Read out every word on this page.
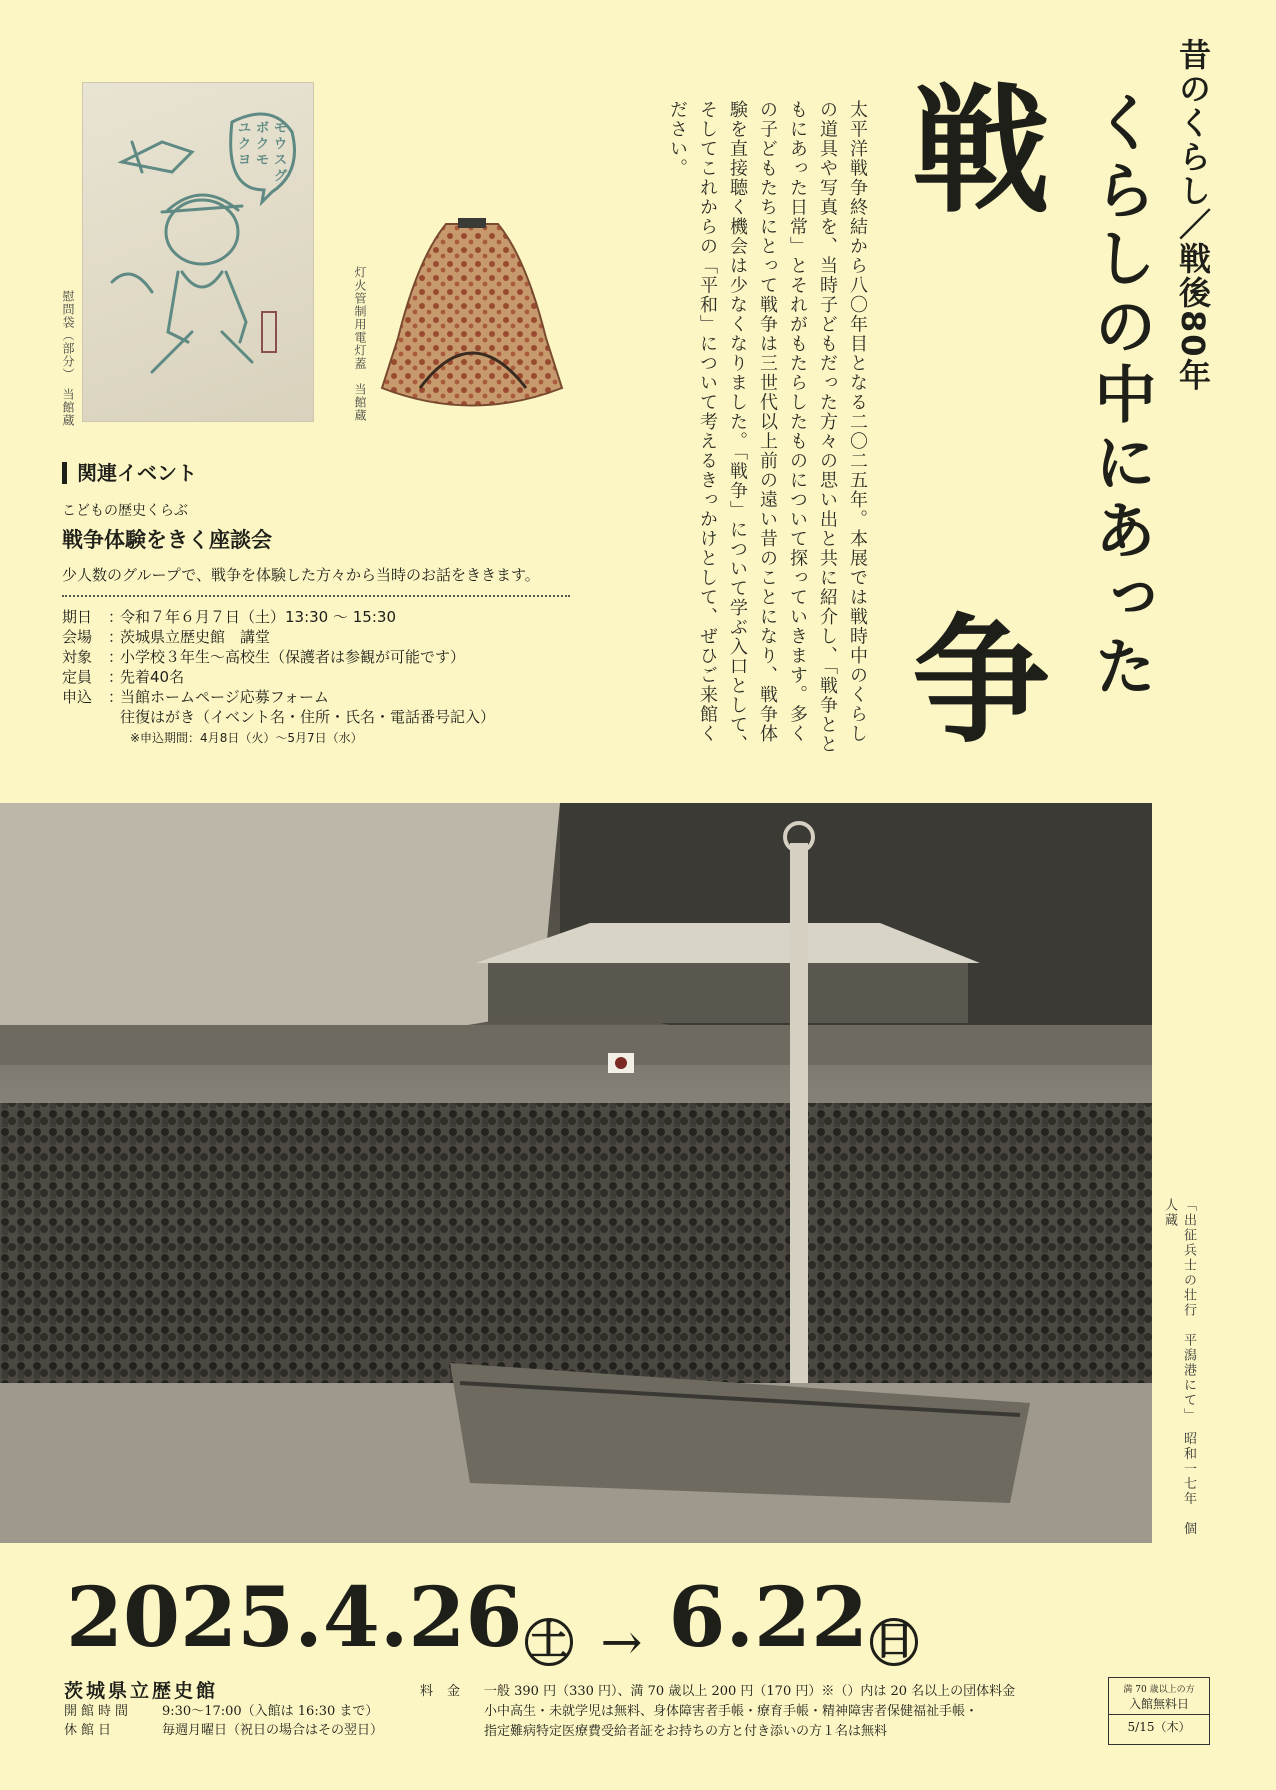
モ
ウ
ス
グ
ボ
ク
モ
ユ
ク
ヨ
慰問袋（部分）　当館蔵	灯火管制用電灯蓋　当館蔵	昔のくらし／戦後80年
くらしの中にあった
戦
争
太平洋戦争終結から八〇年目となる二〇二五年。本展では戦時中のくらしの道具や写真を、当時子どもだった方々の思い出と共に紹介し、「戦争とともにあった日常」とそれがもたらしたものについて探っていきます。多くの子どもたちにとって戦争は三世代以上前の遠い昔のことになり、戦争体験を直接聴く機会は少なくなりました。「戦争」について学ぶ入口として、そしてこれからの「平和」について考えるきっかけとして、ぜひご来館ください。
関連イベント
こどもの歴史くらぶ
戦争体験をきく座談会
少人数のグループで、戦争を体験した方々から当時のお話をききます。
期日	：
令和７年６月７日（土）13:30 ～ 15:30
会場	：
茨城県立歴史館　講堂
対象	：
小学校３年生～高校生（保護者は参観が可能です）
定員	：
先着40名
申込	：
当館ホームページ応募フォーム
往復はがき（イベント名・住所・氏名・電話番号記入）
※申込期間：4月8日（火）～5月7日（水）
「出征兵士の壮行　平潟港にて」　昭和一七年　個人蔵
2025.4.26 土 → 6.22 日
茨城県立歴史館
開館時間 9:30～17:00（入館は 16:30 まで）
休館日	毎週月曜日（祝日の場合はその翌日）
料金 一般 390 円（330 円）、満 70 歳以上 200 円（170 円）※（）内は 20 名以上の団体料金
小中高生・未就学児は無料、身体障害者手帳・療育手帳・精神障害者保健福祉手帳・
指定難病特定医療費受給者証をお持ちの方と付き添いの方１名は無料
満 70 歳以上の方
入館無料日
5/15（木）
